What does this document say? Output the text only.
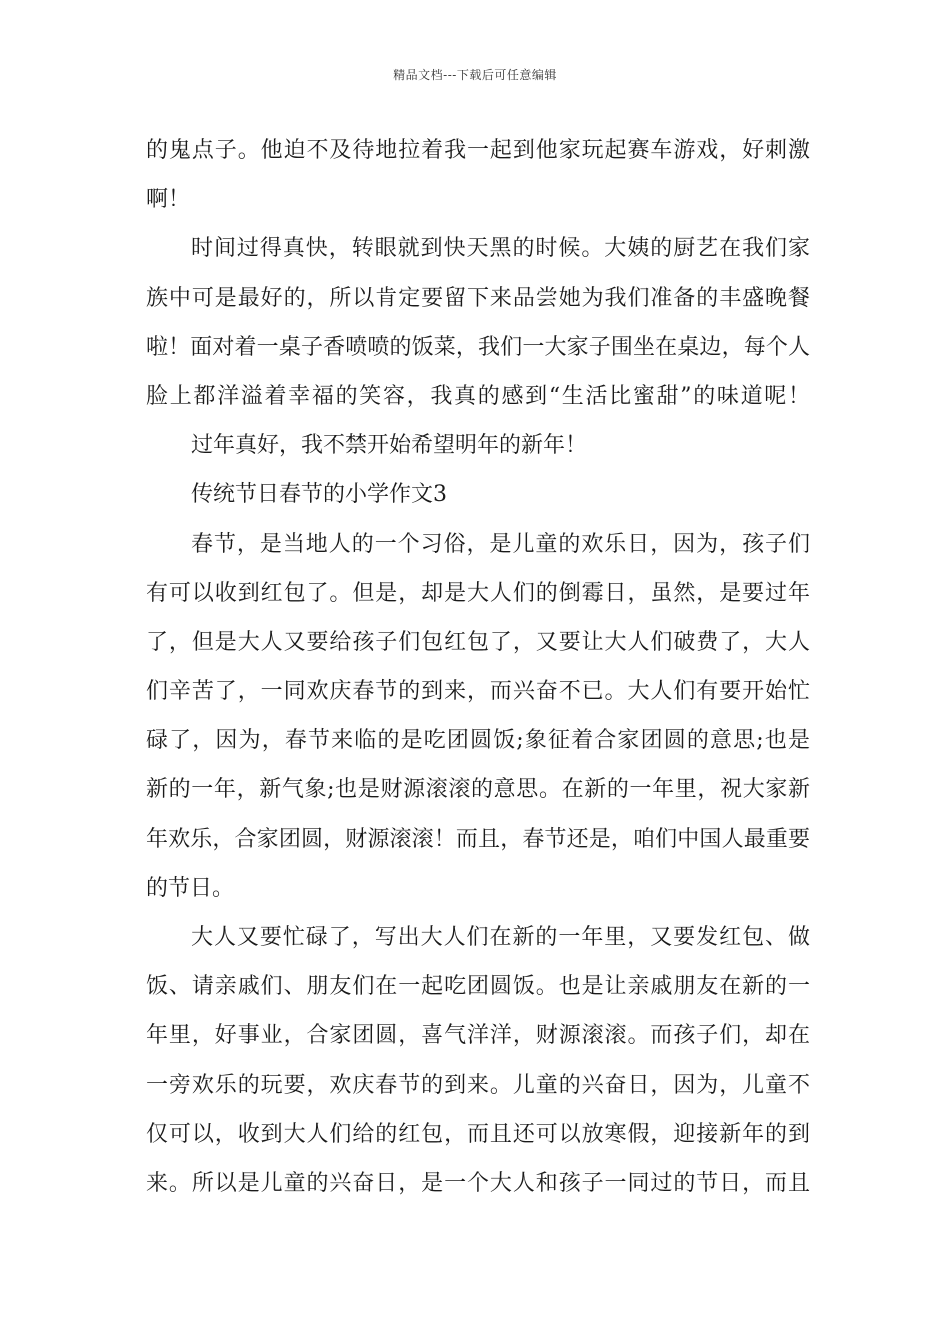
精品文档---下载后可任意编辑
的鬼点子。他迫不及待地拉着我一起到他家玩起赛车游戏，好刺激
啊！
时间过得真快，转眼就到快天黑的时候。大姨的厨艺在我们家
族中可是最好的，所以肯定要留下来品尝她为我们准备的丰盛晚餐
啦！面对着一桌子香喷喷的饭菜，我们一大家子围坐在桌边，每个人
脸上都洋溢着幸福的笑容，我真的感到“生活比蜜甜”的味道呢！
过年真好，我不禁开始希望明年的新年！
传统节日春节的小学作文3
春节，是当地人的一个习俗，是儿童的欢乐日，因为，孩子们
有可以收到红包了。但是，却是大人们的倒霉日，虽然，是要过年
了，但是大人又要给孩子们包红包了，又要让大人们破费了，大人
们辛苦了，一同欢庆春节的到来，而兴奋不已。大人们有要开始忙
碌了，因为，春节来临的是吃团圆饭;象征着合家团圆的意思;也是
新的一年，新气象;也是财源滚滚的意思。在新的一年里，祝大家新
年欢乐，合家团圆，财源滚滚！而且，春节还是，咱们中国人最重要
的节日。
大人又要忙碌了，写出大人们在新的一年里，又要发红包、做
饭、请亲戚们、朋友们在一起吃团圆饭。也是让亲戚朋友在新的一
年里，好事业，合家团圆，喜气洋洋，财源滚滚。而孩子们，却在
一旁欢乐的玩要，欢庆春节的到来。儿童的兴奋日，因为，儿童不
仅可以，收到大人们给的红包，而且还可以放寒假，迎接新年的到
来。所以是儿童的兴奋日，是一个大人和孩子一同过的节日，而且
